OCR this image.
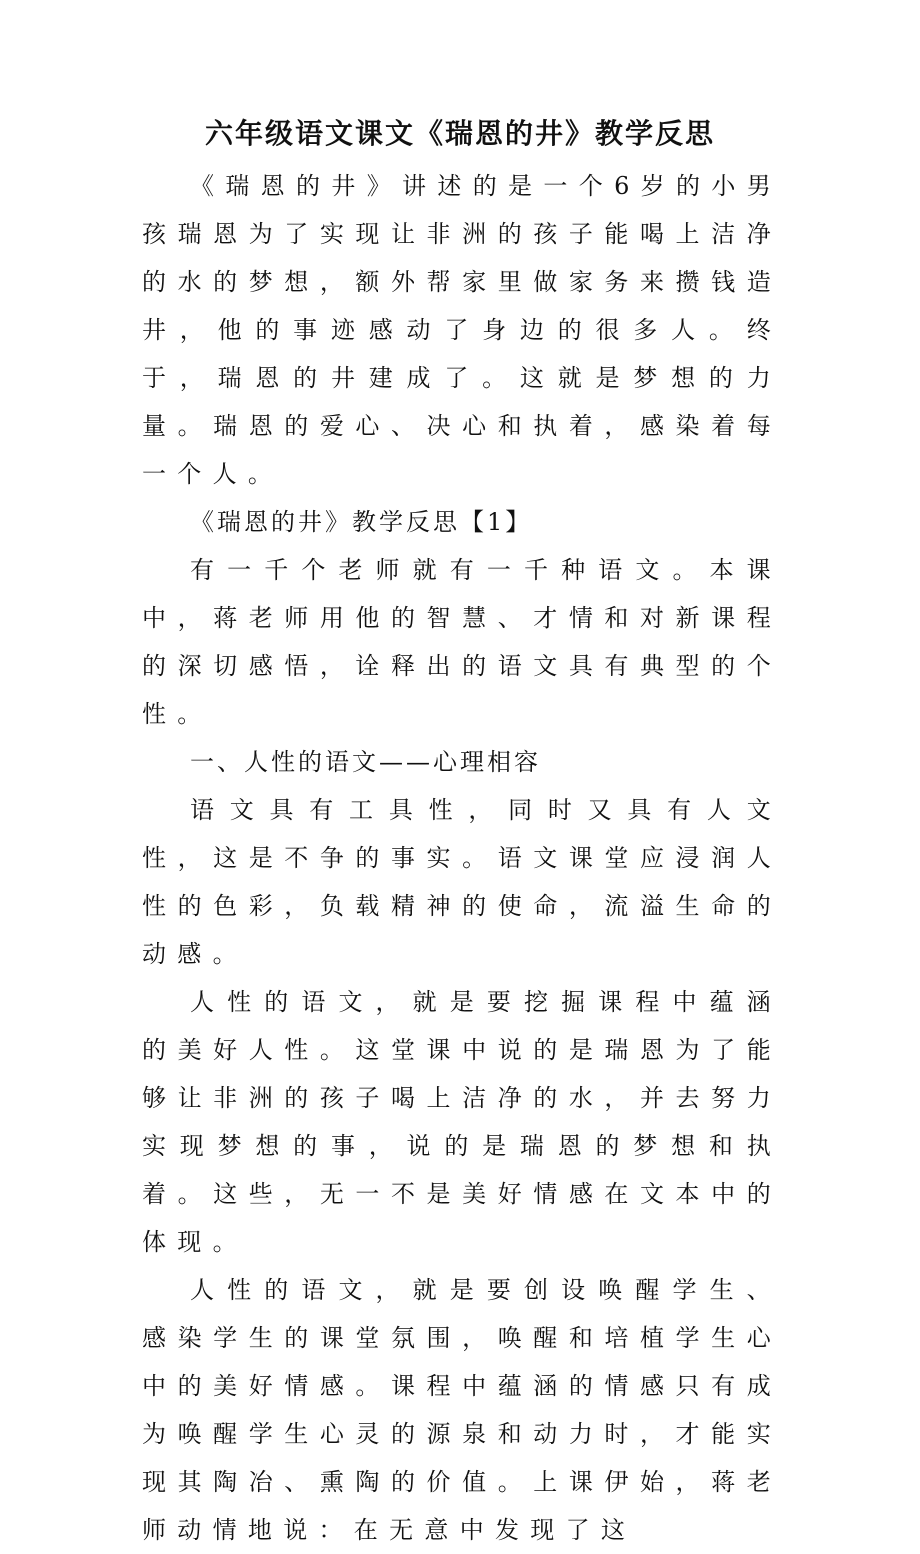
六年级语文课文《瑞恩的井》教学反思

《瑞恩的井》讲述的是一个6岁的小男孩瑞恩为了实现让非洲的孩子能喝上洁净的水的梦想，额外帮家里做家务来攒钱造井，他的事迹感动了身边的很多人。终于，瑞恩的井建成了。这就是梦想的力量。瑞恩的爱心、决心和执着，感染着每一个人。

《瑞恩的井》教学反思【1】

有一千个老师就有一千种语文。本课中，蒋老师用他的智慧、才情和对新课程的深切感悟，诠释出的语文具有典型的个性。

一、人性的语文——心理相容

语文具有工具性，同时又具有人文性，这是不争的事实。语文课堂应浸润人性的色彩，负载精神的使命，流溢生命的动感。

人性的语文，就是要挖掘课程中蕴涵的美好人性。这堂课中说的是瑞恩为了能够让非洲的孩子喝上洁净的水，并去努力实现梦想的事，说的是瑞恩的梦想和执着。这些，无一不是美好情感在文本中的体现。

人性的语文，就是要创设唤醒学生、感染学生的课堂氛围，唤醒和培植学生心中的美好情感。课程中蕴涵的情感只有成为唤醒学生心灵的源泉和动力时，才能实现其陶冶、熏陶的价值。上课伊始，蒋老师动情地说：在无意中发现了这
